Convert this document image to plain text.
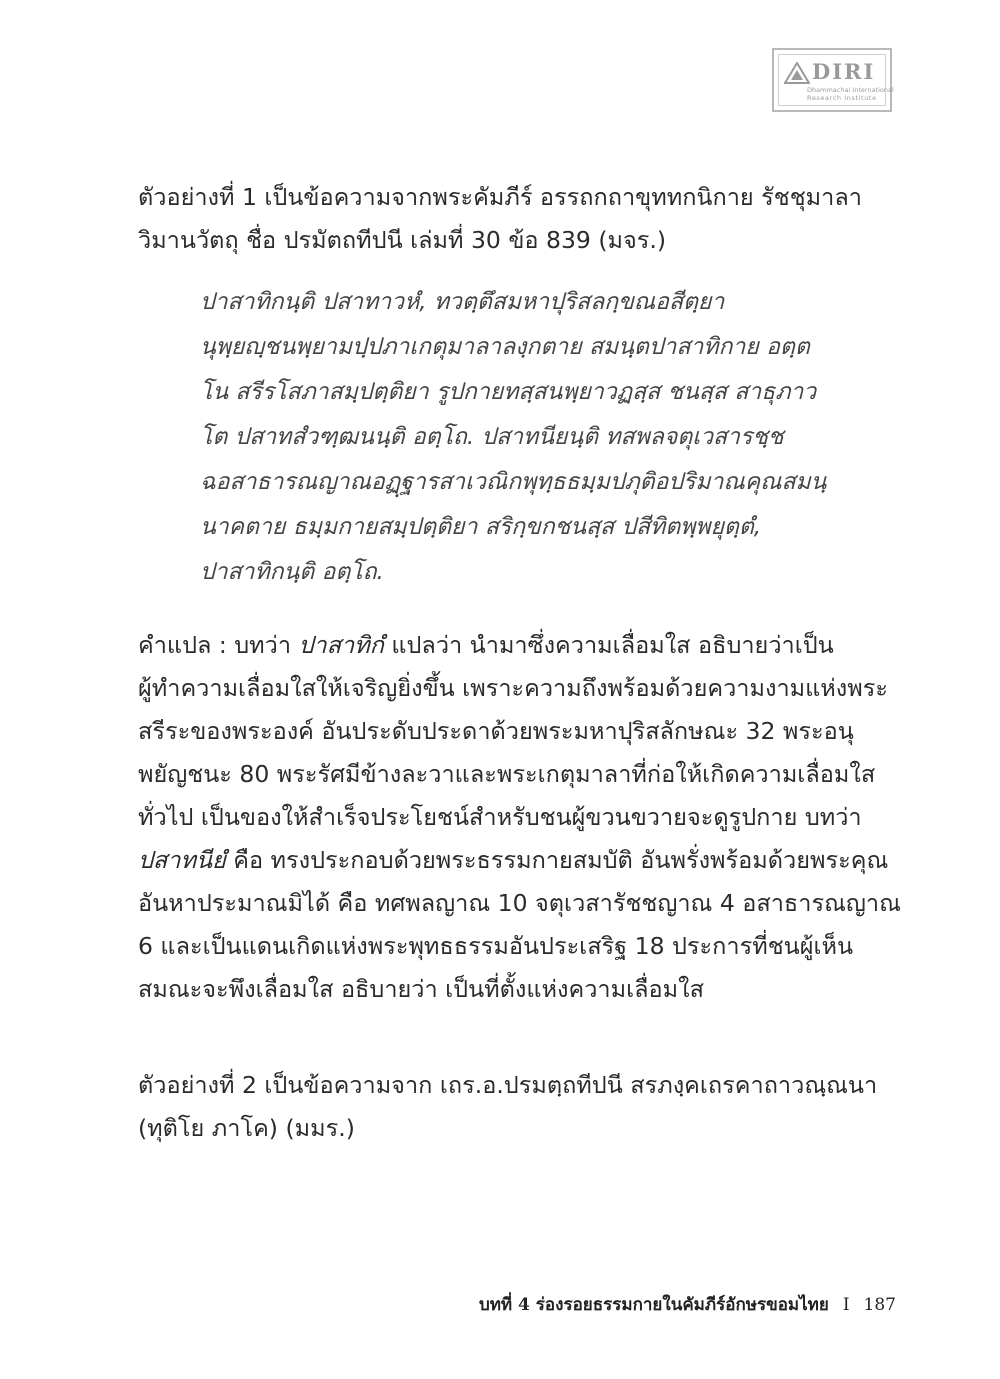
DIRI
Dhammachai International
Research Institute

ตัวอย่างที่ 1 เป็นข้อความจากพระคัมภีร์ อรรถกถาขุททกนิกาย รัชชุมาลา
วิมานวัตถุ ชื่อ ปรมัตถทีปนี เล่มที่ 30 ข้อ 839 (มจร.)

ปาสาทิกนฺติ ปสาทาวหํ, ทวตฺตึสมหาปุริสลกฺขณอสีตฺยา
นุพฺยญฺชนพฺยามปฺปภาเกตุมาลาลงฺกตาย สมนฺตปาสาทิกาย อตฺต
โน สรีรโสภาสมฺปตฺติยา รูปกายทสฺสนพฺยาวฏสฺส ชนสฺส สาธุภาว
โต ปสาทสํวฑฺฒนนฺติ อตฺโถ. ปสาทนียนฺติ ทสพลจตุเวสารชฺช
ฉอสาธารณญาณอฏฺฐารสาเวณิกพุทฺธธมฺมปภุติอปริมาณคุณสมนฺ
นาคตาย ธมฺมกายสมฺปตฺติยา สริกฺขกชนสฺส ปสีทิตพฺพยุตฺตํ,
ปาสาทิกนฺติ อตฺโถ.

คำแปล : บทว่า ปาสาทิกํ แปลว่า นำมาซึ่งความเลื่อมใส อธิบายว่าเป็น
ผู้ทำความเลื่อมใสให้เจริญยิ่งขึ้น เพราะความถึงพร้อมด้วยความงามแห่งพระ
สรีระของพระองค์ อันประดับประดาด้วยพระมหาปุริสลักษณะ 32 พระอนุ
พยัญชนะ 80 พระรัศมีข้างละวาและพระเกตุมาลาที่ก่อให้เกิดความเลื่อมใส
ทั่วไป เป็นของให้สำเร็จประโยชน์สำหรับชนผู้ขวนขวายจะดูรูปกาย บทว่า
ปสาทนียํ คือ ทรงประกอบด้วยพระธรรมกายสมบัติ อันพรั่งพร้อมด้วยพระคุณ
อันหาประมาณมิได้ คือ ทศพลญาณ 10 จตุเวสารัชชญาณ 4 อสาธารณญาณ
6 และเป็นแดนเกิดแห่งพระพุทธธรรมอันประเสริฐ 18 ประการที่ชนผู้เห็น
สมณะจะพึงเลื่อมใส อธิบายว่า เป็นที่ตั้งแห่งความเลื่อมใส

ตัวอย่างที่ 2 เป็นข้อความจาก เถร.อ.ปรมตฺถทีปนี สรภงฺคเถรคาถาวณฺณนา
(ทุติโย ภาโค) (มมร.)

บทที่ 4 ร่องรอยธรรมกายในคัมภีร์อักษรขอมไทย I 187
